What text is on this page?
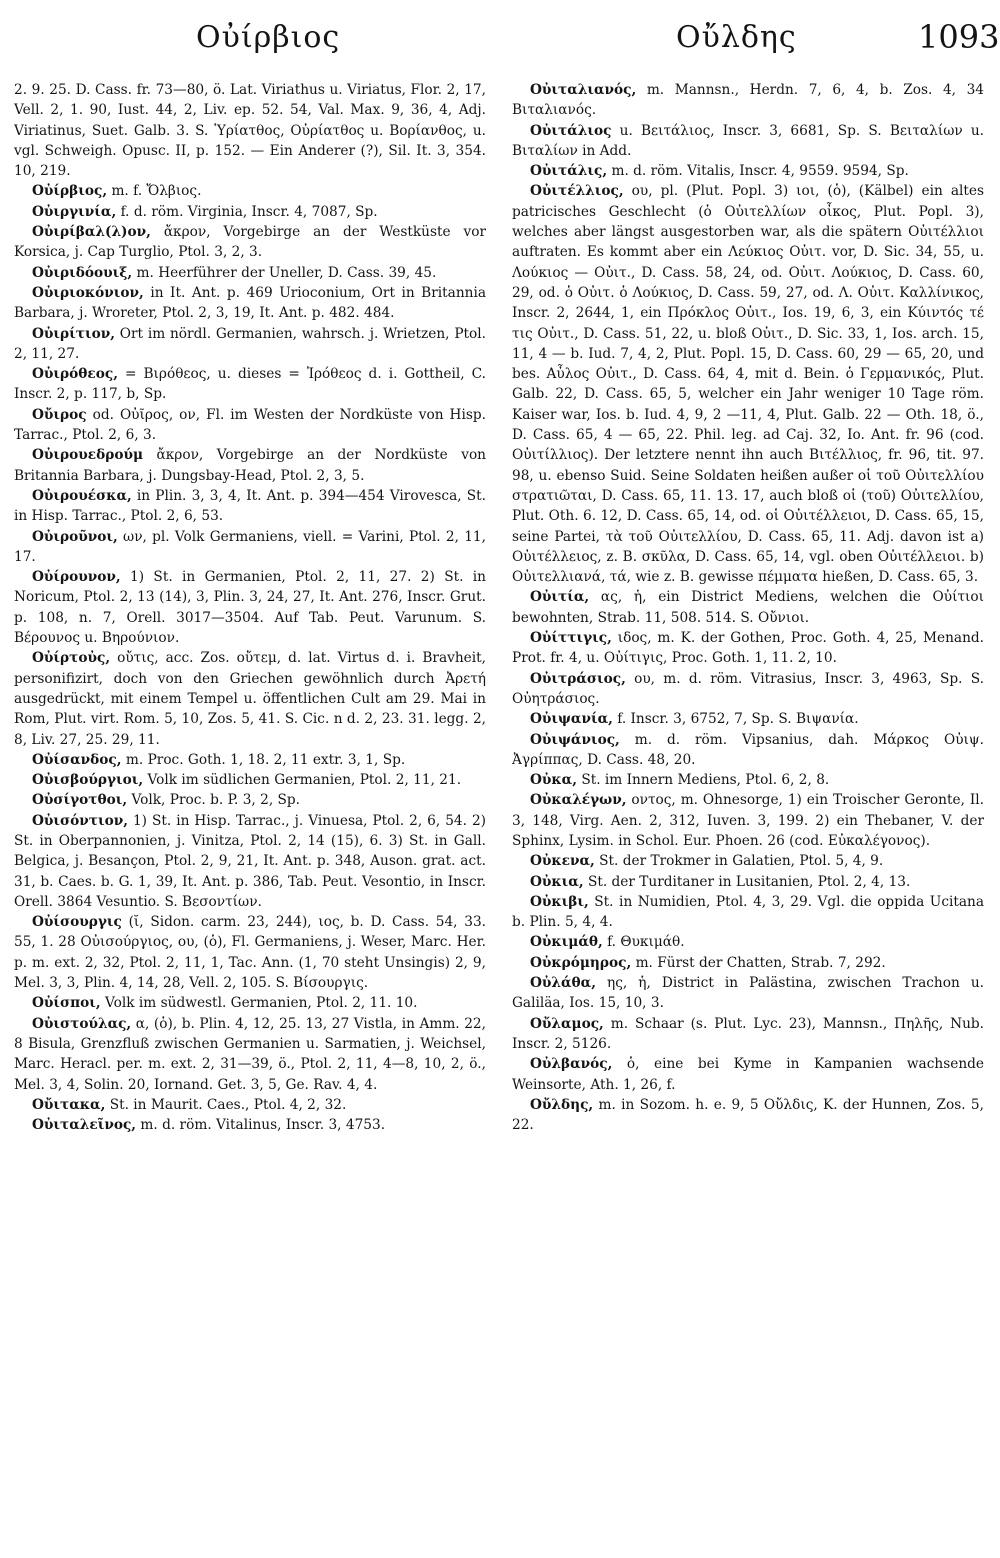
Οὐίρβιος	Οὔλδης	1093

2. 9. 25. D. Cass. fr. 73—80, ö. Lat. Viriathus u. Viriatus, Flor. 2, 17, Vell. 2, 1. 90, Iust. 44, 2, Liv. ep. 52. 54, Val. Max. 9, 36, 4, Adj. Viriatinus, Suet. Galb. 3. S. Ὑρίατθος, Οὐρίατθος u. Βορίανθος, u. vgl. Schweigh. Opusc. II, p. 152. — Ein Anderer (?), Sil. It. 3, 354. 10, 219.

Οὐίρβιος, m. f. Ὄλβιος.

Οὐιργινία, f. d. röm. Virginia, Inscr. 4, 7087, Sp.

Οὐιρίβαλ(λ)ον, ἄκρον, Vorgebirge an der Westküste vor Korsica, j. Cap Turglio, Ptol. 3, 2, 3.

Οὐιριδόουιξ, m. Heerführer der Uneller, D. Cass. 39, 45.

Οὐιριοκόνιον, in It. Ant. p. 469 Urioconium, Ort in Britannia Barbara, j. Wroreter, Ptol. 2, 3, 19, It. Ant. p. 482. 484.

Οὐιρίτιον, Ort im nördl. Germanien, wahrsch. j. Wrietzen, Ptol. 2, 11, 27.

Οὐιρόθεος, = Βιρόθεος, u. dieses = Ἰρόθεος d. i. Gottheil, C. Inscr. 2, p. 117, b, Sp.

Οὔιρος od. Οὐῖρος, ον, Fl. im Westen der Nordküste von Hisp. Tarrac., Ptol. 2, 6, 3.

Οὐιρουεδρούμ ἄκρον, Vorgebirge an der Nordküste von Britannia Barbara, j. Dungsbay-Head, Ptol. 2, 3, 5.

Οὐιρουέσκα, in Plin. 3, 3, 4, It. Ant. p. 394—454 Virovesca, St. in Hisp. Tarrac., Ptol. 2, 6, 53.

Οὐιροῦνοι, ων, pl. Volk Germaniens, viell. = Varini, Ptol. 2, 11, 17.

Οὐίρουνον, 1) St. in Germanien, Ptol. 2, 11, 27. 2) St. in Noricum, Ptol. 2, 13 (14), 3, Plin. 3, 24, 27, It. Ant. 276, Inscr. Grut. p. 108, n. 7, Orell. 3017—3504. Auf Tab. Peut. Varunum. S. Βέρουνος u. Βηρούνιον.

Οὐίρτοὐς, οὔτις, acc. Zos. οὔτεμ, d. lat. Virtus d. i. Bravheit, personifizirt, doch von den Griechen gewöhnlich durch Ἀρετή ausgedrückt, mit einem Tempel u. öffentlichen Cult am 29. Mai in Rom, Plut. virt. Rom. 5, 10, Zos. 5, 41. S. Cic. n d. 2, 23. 31. legg. 2, 8, Liv. 27, 25. 29, 11.

Οὐίσανδος, m. Proc. Goth. 1, 18. 2, 11 extr. 3, 1, Sp.

Οὐισβούργιοι, Volk im südlichen Germanien, Ptol. 2, 11, 21.

Οὐσίγοτθοι, Volk, Proc. b. P. 3, 2, Sp.

Οὐισόντιον, 1) St. in Hisp. Tarrac., j. Vinuesa, Ptol. 2, 6, 54. 2) St. in Oberpannonien, j. Vinitza, Ptol. 2, 14 (15), 6. 3) St. in Gall. Belgica, j. Besançon, Ptol. 2, 9, 21, It. Ant. p. 348, Auson. grat. act. 31, b. Caes. b. G. 1, 39, It. Ant. p. 386, Tab. Peut. Vesontio, in Inscr. Orell. 3864 Vesuntio. S. Βεσοντίων.

Οὐίσουργις (ῐ, Sidon. carm. 23, 244), ιος, b. D. Cass. 54, 33. 55, 1. 28 Οὐισούργιος, ου, (ὁ), Fl. Germaniens, j. Weser, Marc. Her. p. m. ext. 2, 32, Ptol. 2, 11, 1, Tac. Ann. (1, 70 steht Unsingis) 2, 9, Mel. 3, 3, Plin. 4, 14, 28, Vell. 2, 105. S. Βίσουργις.

Οὐίσποι, Volk im südwestl. Germanien, Ptol. 2, 11. 10.

Οὐιστούλας, α, (ὁ), b. Plin. 4, 12, 25. 13, 27 Vistla, in Amm. 22, 8 Bisula, Grenzfluß zwischen Germanien u. Sarmatien, j. Weichsel, Marc. Heracl. per. m. ext. 2, 31—39, ö., Ptol. 2, 11, 4—8, 10, 2, ö., Mel. 3, 4, Solin. 20, Iornand. Get. 3, 5, Ge. Rav. 4, 4.

Οὔιτακα, St. in Maurit. Caes., Ptol. 4, 2, 32.

Οὐιταλεῖνος, m. d. röm. Vitalinus, Inscr. 3, 4753.

Οὐιταλιανός, m. Mannsn., Herdn. 7, 6, 4, b. Zos. 4, 34 Βιταλιανός.

Οὐιτάλιος u. Βειτάλιος, Inscr. 3, 6681, Sp. S. Βειταλίων u. Βιταλίων in Add.

Οὐιτάλις, m. d. röm. Vitalis, Inscr. 4, 9559. 9594, Sp.

Οὐιτέλλιος, ου, pl. (Plut. Popl. 3) ιοι, (ὁ), (Kälbel) ein altes patricisches Geschlecht (ὁ Οὐιτελλίων οἶκος, Plut. Popl. 3), welches aber längst ausgestorben war, als die spätern Οὐιτέλλιοι auftraten. Es kommt aber ein Λεύκιος Οὐιτ. vor, D. Sic. 34, 55, u. Λούκιος — Οὐιτ., D. Cass. 58, 24, od. Οὐιτ. Λούκιος, D. Cass. 60, 29, od. ὁ Οὐιτ. ὁ Λούκιος, D. Cass. 59, 27, od. Λ. Οὐιτ. Καλλίνικος, Inscr. 2, 2644, 1, ein Πρόκλος Οὐιτ., Ios. 19, 6, 3, ein Κύιντός τέ τις Οὐιτ., D. Cass. 51, 22, u. bloß Οὐιτ., D. Sic. 33, 1, Ios. arch. 15, 11, 4 — b. Iud. 7, 4, 2, Plut. Popl. 15, D. Cass. 60, 29 — 65, 20, und bes. Αὖλος Οὐιτ., D. Cass. 64, 4, mit d. Bein. ὁ Γερμανικός, Plut. Galb. 22, D. Cass. 65, 5, welcher ein Jahr weniger 10 Tage röm. Kaiser war, Ios. b. Iud. 4, 9, 2 —11, 4, Plut. Galb. 22 — Oth. 18, ö., D. Cass. 65, 4 — 65, 22. Phil. leg. ad Caj. 32, Io. Ant. fr. 96 (cod. Οὐιτίλλιος). Der letztere nennt ihn auch Βιτέλλιος, fr. 96, tit. 97. 98, u. ebenso Suid. Seine Soldaten heißen außer οἱ τοῦ Οὐιτελλίου στρατιῶται, D. Cass. 65, 11. 13. 17, auch bloß οἱ (τοῦ) Οὐιτελλίου, Plut. Oth. 6. 12, D. Cass. 65, 14, od. οἱ Οὐιτέλλειοι, D. Cass. 65, 15, seine Partei, τὰ τοῦ Οὐιτελλίου, D. Cass. 65, 11. Adj. davon ist a) Οὐιτέλλειος, z. B. σκῦλα, D. Cass. 65, 14, vgl. oben Οὐιτέλλειοι. b) Οὐιτελλιανά, τά, wie z. B. gewisse πέμματα hießen, D. Cass. 65, 3.

Οὐιτία, ας, ἡ, ein District Mediens, welchen die Οὐίτιοι bewohnten, Strab. 11, 508. 514. S. Οὔνιοι.

Οὐίττιγις, ιδος, m. K. der Gothen, Proc. Goth. 4, 25, Menand. Prot. fr. 4, u. Οὐίτιγις, Proc. Goth. 1, 11. 2, 10.

Οὐιτράσιος, ου, m. d. röm. Vitrasius, Inscr. 3, 4963, Sp. S. Οὐητράσιος.

Οὐιψανία, f. Inscr. 3, 6752, 7, Sp. S. Βιψανία.

Οὐιψάνιος, m. d. röm. Vipsanius, dah. Μάρκος Οὐιψ. Ἀγρίππας, D. Cass. 48, 20.

Οὐκα, St. im Innern Mediens, Ptol. 6, 2, 8.

Οὐκαλέγων, οντος, m. Ohnesorge, 1) ein Troischer Geronte, Il. 3, 148, Virg. Aen. 2, 312, Iuven. 3, 199. 2) ein Thebaner, V. der Sphinx, Lysim. in Schol. Eur. Phoen. 26 (cod. Εὐκαλέγονος).

Οὐκενα, St. der Trokmer in Galatien, Ptol. 5, 4, 9.

Οὐκια, St. der Turditaner in Lusitanien, Ptol. 2, 4, 13.

Οὐκιβι, St. in Numidien, Ptol. 4, 3, 29. Vgl. die oppida Ucitana b. Plin. 5, 4, 4.

Οὐκιμάθ, f. Θυκιμάθ.

Οὐκρόμηρος, m. Fürst der Chatten, Strab. 7, 292.

Οὐλάθα, ης, ἡ, District in Palästina, zwischen Trachon u. Galiläa, Ios. 15, 10, 3.

Οὔλαμος, m. Schaar (s. Plut. Lyc. 23), Mannsn., Πηλῆς, Nub. Inscr. 2, 5126.

Οὐλβανός, ὁ, eine bei Kyme in Kampanien wachsende Weinsorte, Ath. 1, 26, f.

Οὔλδης, m. in Sozom. h. e. 9, 5 Οὔλδις, K. der Hunnen, Zos. 5, 22.
